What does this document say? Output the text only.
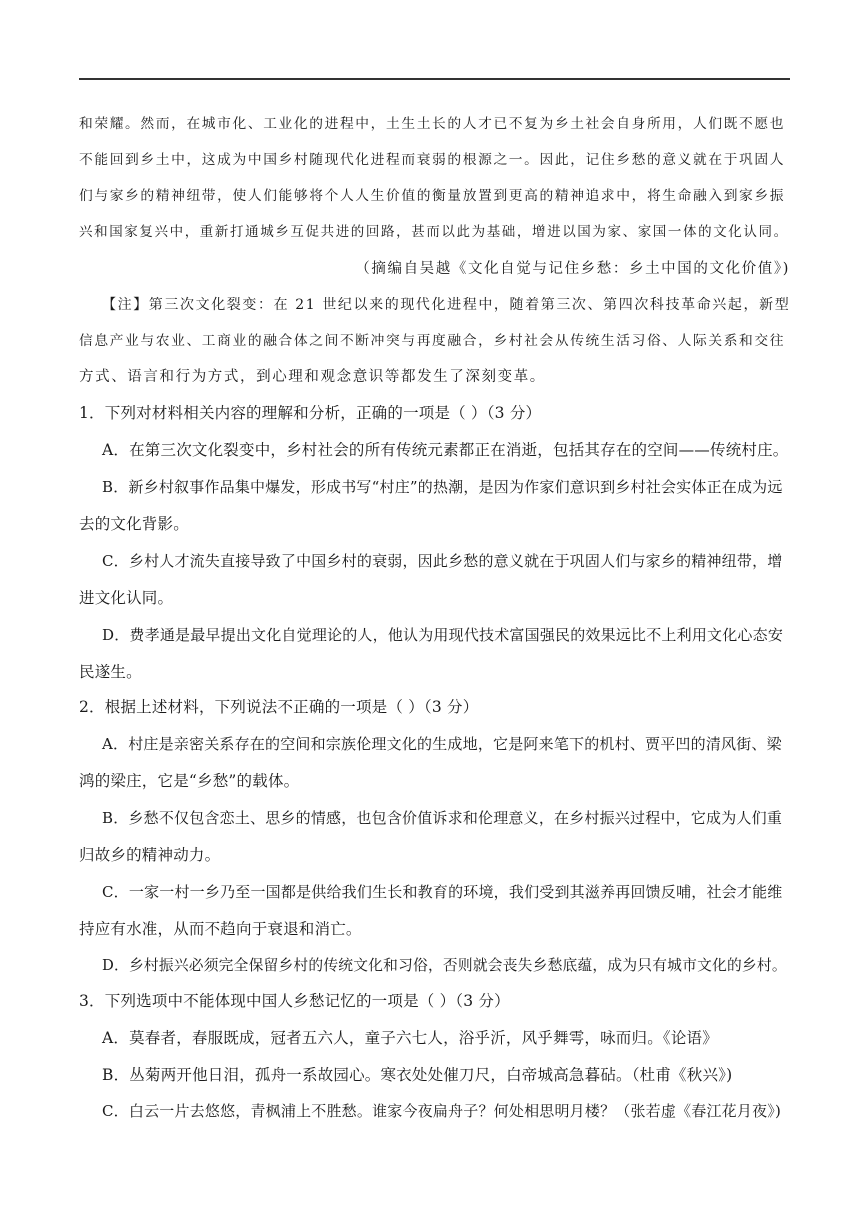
和荣耀。然而，在城市化、工业化的进程中，土生土长的人才已不复为乡土社会自身所用，人们既不愿也
不能回到乡土中，这成为中国乡村随现代化进程而衰弱的根源之一。因此，记住乡愁的意义就在于巩固人
们与家乡的精神纽带，使人们能够将个人人生价值的衡量放置到更高的精神追求中，将生命融入到家乡振
兴和国家复兴中，重新打通城乡互促共进的回路，甚而以此为基础，增进以国为家、家国一体的文化认同。
（摘编自吴越《文化自觉与记住乡愁：乡土中国的文化价值》)
【注】第三次文化裂变：在 21 世纪以来的现代化进程中，随着第三次、第四次科技革命兴起，新型
信息产业与农业、工商业的融合体之间不断冲突与再度融合，乡村社会从传统生活习俗、人际关系和交往
方式、语言和行为方式，到心理和观念意识等都发生了深刻变革。
1．下列对材料相关内容的理解和分析，正确的一项是（ ）（3 分）
A．在第三次文化裂变中，乡村社会的所有传统元素都正在消逝，包括其存在的空间——传统村庄。
B．新乡村叙事作品集中爆发，形成书写“村庄”的热潮，是因为作家们意识到乡村社会实体正在成为远
去的文化背影。
C．乡村人才流失直接导致了中国乡村的衰弱，因此乡愁的意义就在于巩固人们与家乡的精神纽带，增
进文化认同。
D．费孝通是最早提出文化自觉理论的人，他认为用现代技术富国强民的效果远比不上利用文化心态安
民遂生。
2．根据上述材料，下列说法不正确的一项是（ ）（3 分）
A．村庄是亲密关系存在的空间和宗族伦理文化的生成地，它是阿来笔下的机村、贾平凹的清风街、梁
鸿的梁庄，它是“乡愁”的载体。
B．乡愁不仅包含恋土、思乡的情感，也包含价值诉求和伦理意义，在乡村振兴过程中，它成为人们重
归故乡的精神动力。
C．一家一村一乡乃至一国都是供给我们生长和教育的环境，我们受到其滋养再回馈反哺，社会才能维
持应有水准，从而不趋向于衰退和消亡。
D．乡村振兴必须完全保留乡村的传统文化和习俗，否则就会丧失乡愁底蕴，成为只有城市文化的乡村。
3．下列选项中不能体现中国人乡愁记忆的一项是（ ）（3 分）
A．莫春者，春服既成，冠者五六人，童子六七人，浴乎沂，风乎舞雩，咏而归。《论语》
B．丛菊两开他日泪，孤舟一系故园心。寒衣处处催刀尺，白帝城高急暮砧。（杜甫《秋兴》)
C．白云一片去悠悠，青枫浦上不胜愁。谁家今夜扁舟子？何处相思明月楼？（张若虚《春江花月夜》)
